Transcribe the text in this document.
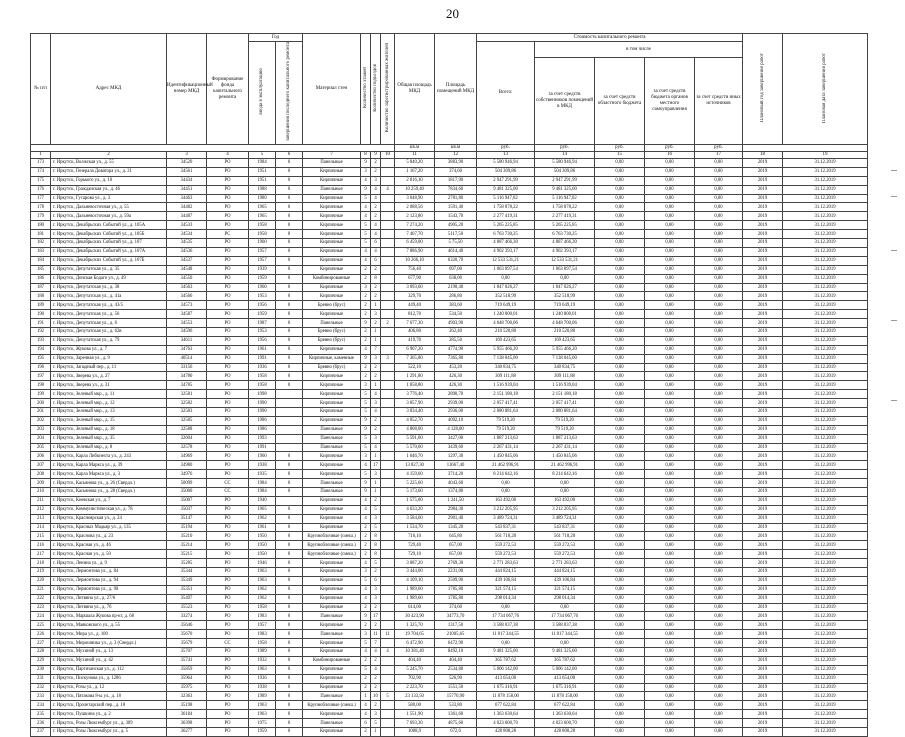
20
№ п/п	Адрес МКД	Идентификационный номер МКД	Формирование фонда капитального ремонта	Год		Материал стен	Количество этажей	Количество подъездов	Количество зарегистрированных жителей	Общая площадь МКД	Площадь помещений МКД	Стоимость капитального ремонта					Плановый год завершения работ	Плановая дата завершения работ
				ввода в эксплуатацию	завершения последнего капитального ремонта							Всего:	в том числе					
													за счет средств собственников помещений в МКД	за счет средств областного бюджета	за счет средств бюджета органов местного самоуправления	за счет средств иных источников		
										кв.м	кв.м	руб.	руб.	руб.	руб.	руб.		
1	2	3	4	5	6	7	8	9	10	11	12	13	14	15	16	17	18	19
173	г. Иркутск, Волжская ул., д. 55	34520	РО	1984	0	Панельные	9	2		5 840,20	3883,90	5 580 946,94	5 580 946,94	0,00	0,00	0,00	2019	31.12.2019
174	г. Иркутск, Генерала Доватора ул., д. 21	34561	РО	1951	0	Кирпичные	3	2		1 167,20	374,60	504 309,86	504 309,86	0,00	0,00	0,00	2019	31.12.2019
175	г. Иркутск, Горького ул., д. 10	34434	РО	1951	0	Кирпичные	4	3		2 016,10	1817,90	2 947 291,99	2 947 291,99	0,00	0,00	0,00	2019	31.12.2019
176	г. Иркутск, Гражданская ул., д. 46	34451	РО	1988	0	Панельные	9	4	4	10 259,40	7834,60	9 481 325,00	9 481 325,00	0,00	0,00	0,00	2019	31.12.2019
177	г. Иркутск, Гусарова ул., д. 3	34463	РО	1980	0	Кирпичные	5	4		3 048,90	2781,80	5 116 947,02	5 116 947,02	0,00	0,00	0,00	2019	31.12.2019
178	г. Иркутск, Дальневосточная ул., д. 55	34482	РО	1965	0	Кирпичные	4	2		2 088,56	1591,40	1 758 878,22	1 758 878,22	0,00	0,00	0,00	2019	31.12.2019
179	г. Иркутск, Дальневосточная ул., д. 59а	34487	РО	1965	0	Кирпичные	4	2		2 123,80	1543,70	2 277 419,31	2 277 419,31	0,00	0,00	0,00	2019	31.12.2019
180	г. Иркутск, Декабрьских Событий ул., д. 105А	34533	РО	1958	0	Кирпичные	5	4		7 274,20	4905,20	5 265 225,85	5 265 225,85	0,00	0,00	0,00	2019	31.12.2019
181	г. Иркутск, Декабрьских Событий ул., д. 105Б	34534	РС	1958	0	Кирпичные	5	4		7 407,70	5117,50	6 763 730,25	6 763 730,25	0,00	0,00	0,00	2019	31.12.2019
182	г. Иркутск, Декабрьских Событий ул., д. 107	34535	РО	1960	0	Кирпичные	5	6		6 459,00	5 75,50	4 887 466,30	4 887 466,30	0,00	0,00	0,00	2019	31.12.2019
183	г. Иркутск, Декабрьских Событий ул., д. 107А	34536	РО	1957	0	Кирпичные	4	4		7 886,90	4614,40	4 902 393,17	4 902 393,17	0,00	0,00	0,00	2019	31.12.2019
184	г. Иркутск, Декабрьских Событий ул., д. 107Б	34537	РО	1957	0	Кирпичные	4	6		10 266,10	6320,70	12 533 531,21	12 533 531,21	0,00	0,00	0,00	2019	31.12.2019
185	г. Иркутск, Депутатская ул., д. 35	34548	РО	1939	0	Кирпичные	2	2		756,40	697,00	1 063 097,54	1 063 097,54	0,00	0,00	0,00	2019	31.12.2019
186	г. Иркутск, Донская Бодаго ул., д. 49	34550	РО	1959	0	Комбинированные	2	8		677,90	638,00	0,00	0,00	0,00	0,00	0,00	2019	31.12.2019
187	г. Иркутск, Депутатская ул., д. 38	34563	РО	1960	0	Кирпичные	3	2		3 093,60	2190,40	1 847 026,27	1 847 026,27	0,00	0,00	0,00	2019	31.12.2019
188	г. Иркутск, Депутатская ул., д. 41а	34566	РО	1953	0	Кирпичные	2	2		329,70	286,80	352 518,99	352 518,99	0,00	0,00	0,00	2019	31.12.2019
189	г. Иркутск, Депутатская ул., д. 43/5	34573	РО	1956	0	Бревно (брус)	2	1		449,40	383,60	719 649,19	719 649,19	0,00	0,00	0,00	2019	31.12.2019
190	г. Иркутск, Депутатская ул., д. 56	34587	РО	1959	0	Кирпичные	2	3		812,70	534,50	1 240 800,01	1 240 800,01	0,00	0,00	0,00	2019	31.12.2019
191	г. Иркутск, Депутатская ул., д. 6	34553	РО	1987	0	Панельные	9	2	2	7 677,30	4903,90	4 648 700,06	4 648 700,06	0,00	0,00	0,00	2019	31.12.2019
192	г. Иркутск, Депутатская ул., д. 62в	34596	РО	1953	0	Бревно (брус)	2	1		406,80	262,40	210 520,80	210 520,80	0,00	0,00	0,00	2019	31.12.2019
193	г. Иркутск, Депутатская ул., д. 79	34611	РО	1956	0	Бревно (брус)	2	1		419,70	285,50	169 423,65	169 423,65	0,00	0,00	0,00	2019	31.12.2019
194	г. Иркутск, Жукова ул., д. 7	34763	РО	1961	0	Кирпичные	4	7		6 907,20	4774,90	5 955 466,20	5 955 466,20	0,00	0,00	0,00	2019	31.12.2019
195	г. Иркутск, Заречная ул., д. 9	40514	РО	1991	0	Кирпичные, каменные	9	3	3	7 365,80	7365,80	7 138 045,00	7 138 045,00	0,00	0,00	0,00	2019	31.12.2019
196	г. Иркутск, Западный пер., д. 11	33156	РО	1936	0	Бревно (брус)	2	2		522,10	453,20	340 834,75	340 834,75	0,00	0,00	0,00	2019	31.12.2019
197	г. Иркутск, Зверева ул., д. 27	34780	РО	1958	0	Кирпичные	2	2		1 291,80	426,30	309 111,88	309 111,88	0,00	0,00	0,00	2019	31.12.2019
198	г. Иркутск, Зверева ул., д. 31	34785	РО	1958	0	Кирпичные	3	1		1 858,80	426,30	1 516 939,04	1 516 939,04	0,00	0,00	0,00	2019	31.12.2019
199	г. Иркутск, Зеленый мкр., д. 11	32581	РО	1998		Кирпичные	5	4		3 776,40	2890,70	2 151 180,18	2 151 180,18	0,00	0,00	0,00	2019	31.12.2019
200	г. Иркутск, Зеленый мкр., д. 12	32582	РО	1990		Кирпичные	5	3		3 857,90	2939,00	2 057 417,41	2 057 417,41	0,00	0,00	0,00	2019	31.12.2019
201	г. Иркутск, Зеленый мкр., д. 13	32583	РО	1990		Кирпичные	5	4		3 834,40	2936,00	2 080 881,64	2 080 881,64	0,00	0,00	0,00	2019	31.12.2019
202	г. Иркутск, Зеленый мкр., д. 15	32585	РО	1986		Кирпичные	9	2		4 052,70	4092,10	79 519,20	79 519,20	0,00	0,00	0,00	2019	31.12.2019
203	г. Иркутск, Зеленый мкр., д. 18	32588	РО	1986		Панельные	9	2		4 808,00	4 128,00	79 519,20	79 519,20	0,00	0,00	0,00	2019	31.12.2019
204	г. Иркутск, Зеленый мкр., д. 35	32604	РО	1993		Панельные	5	3		5 591,00	3427,00	1 887 213,63	1 887 213,63	0,00	0,00	0,00	2019	31.12.2019
205	г. Иркутск, Зеленый мкр., д. 8	32578	РО	1991		Панельные	5	4		5 570,60	3439,60	2 267 431,14	2 267 431,14	0,00	0,00	0,00	2019	31.12.2019
206	г. Иркутск, Карла Либкнехта ул., д. 243	34969	РО	1960	0	Кирпичные	3	1		1 646,70	1297,30	1 450 845,06	1 450 845,06	0,00	0,00	0,00	2019	31.12.2019
207	г. Иркутск, Карла Маркса ул., д. 39	34980	РО	1938	0	Кирпичные	4	17		13 827,30	13667,40	21 462 996,91	21 462 996,91	0,00	0,00	0,00	2019	31.12.2019
208	г. Иркутск, Карла Маркса ул., д. 3	34976	РО	1935	0	Кирпичные	5	3		4 159,60	3714,20	8 214 642,16	8 214 642,16	0,00	0,00	0,00	2019	31.12.2019
209	г. Иркутск, Касьянова ул., д. 26 (Свердл.)	50099	СС	1984	0	Панельные	9	1		5 225,60	4043,60	0,00	0,00	0,00	0,00	0,00	2019	31.12.2019
210	г. Иркутск, Касьянова ул., д. 28 (Свердл.)	35000	СС	1984	0	Панельные	9	1		5 173,60	1374,80	0,00	0,00	0,00	0,00	0,00	2019	31.12.2019
211	г. Иркутск, Киевская ул., д. 7	35007	РО	1940		Кирпичные	4	2		1 575,00	1 241,50	163 492,00	163 492,00	0,00	0,00	0,00	2019	31.12.2019
212	г. Иркутск, Коммунистическая ул., д. 78	35037	РО	1965	0	Кирпичные	4	5		4 633,20	2984,30	3 212 205,95	3 212 205,95	0,00	0,00	0,00	2019	31.12.2019
213	г. Иркутск, Красноярская ул., д. 24	35147	РО	1962	0	Кирпичные	4	3		3 584,60	2901,40	3 489 724,31	3 489 724,31	0,00	0,00	0,00	2019	31.12.2019
214	г. Иркутск, Красных Мадьяр ул., д. 135	35194	РО	1961	0	Кирпичные	2	5		1 534,70	1345,20	543 837,31	543 837,31	0,00	0,00	0,00	2019	31.12.2019
215	г. Иркутск, Краснова ул., д. 23	35210	РО	1950	0	Крупноблочные (смеш.)	2	8		716,10	645,80	561 718,20	561 718,20	0,00	0,00	0,00	2019	31.12.2019
216	г. Иркутск, Красная ул., д. 46	35214	РО	1950	0	Крупноблочные (смеш.)	2	8		729,40	657,00	559 272,53	559 272,53	0,00	0,00	0,00	2019	31.12.2019
217	г. Иркутск, Красная ул., д. 50	35215	РО	1950	0	Крупноблочные (смеш.)	2	8		729,10	657,00	559 272,53	559 272,53	0,00	0,00	0,00	2019	31.12.2019
218	г. Иркутск, Ленина ул., д. 9	35285	РО	1946	0	Кирпичные	4	5		3 087,20	2769,30	2 771 283,63	2 771 283,63	0,00	0,00	0,00	2019	31.12.2019
219	г. Иркутск, Лермонтова ул., д. 84	35344	РО	1963	0	Кирпичные	3	2		3 444,00	2231,00	444 824,15	444 824,15	0,00	0,00	0,00	2019	31.12.2019
220	г. Иркутск, Лермонтова ул., д. 94	35349	РО	1963	0	Кирпичные	5	6		4 109,10	2509,90	439 106,84	439 106,84	0,00	0,00	0,00	2019	31.12.2019
221	г. Иркутск, Лермонтова ул., д. 98	35351	РО	1962	0	Кирпичные	4	3		1 989,60	1785,80	321 574,15	321 574,15	0,00	0,00	0,00	2019	31.12.2019
222	г. Иркутск, Литвина ул., д. 27/6	35497	РО	1962	0	Кирпичные	4	3		1 989,60	1785,80	298 014,34	298 014,34	0,00	0,00	0,00	2019	31.12.2019
223	г. Иркутск, Литвина ул., д. 76	35523	РО	1958	0	Кирпичные	2	2		614,00	374,60	0,00	0,00	0,00	0,00	0,00	2019	31.12.2019
224	г. Иркутск, Маршала Жукова пр-кт, д. 68	33274	РО	1983	0	Панельные	9	17		30 423,90	34773,70	17 734 067,76	17 734 067,76	0,00	0,00	0,00	2019	31.12.2019
225	г. Иркутск, Маяковского ул., д. 55	35646	РО	1957	0	Кирпичные	2	2		1 325,70	1317,50	3 588 037,38	3 588 037,38	0,00	0,00	0,00	2019	31.12.2019
226	г. Иркутск, Мира ул., д. 100	35670	РО	1983	0	Панельные	3	11	11	19 704,65	21005,65	11 017 344,55	11 017 344,55	0,00	0,00	0,00	2019	31.12.2019
227	г. Иркутск, Мирошника ул., д. 3 (Свердл.)	35679	СС	1958	0	Кирпичные	5	7		6 472,90	6472,90	0,00	0,00	0,00	0,00	0,00	2019	31.12.2019
228	г. Иркутск, Мухиной ул., д. 13	35707	РО	1989	0	Кирпичные	4	4	4	10 381,40	8492,10	9 481 325,00	9 481 325,00	0,00	0,00	0,00	2019	31.12.2019
229	г. Иркутск, Мухиной ул., д. 42	35741	РО	1932	0	Комбинированные	2	2		404,40	404,40	365 787,62	365 787,62	0,00	0,00	0,00	2019	31.12.2019
230	г. Иркутск, Партизанская ул., д. 112	35859	РО	1963	0	Кирпичные	5	4		5 245,70	2534,80	5 006 142,00	5 006 142,00	0,00	0,00	0,00	2019	31.12.2019
231	г. Иркутск, Пискунова ул., д. 1286	35964	РО	1936	0	Кирпичные	2	2		702,90	526,90	413 654,00	413 654,00	0,00	0,00	0,00	2019	31.12.2019
232	г. Иркутск, Розы ул., д. 12	35975	РО	1938	0	Кирпичные	2	2		2 223,70	1551,50	1 675 316,91	1 675 316,91	0,00	0,00	0,00	2019	31.12.2019
233	г. Иркутск, Пятакова 8-ы ул., д. 18	32363	РО	1989	0	Панельные	1	10	5	23 133,50	15770,90	11 878 158,00	11 878 158,00	0,00	0,00	0,00	2019	31.12.2019
234	г. Иркутск, Пролетарский пер., д. 18	35198	РО	1963	0	Крупноблочные (смеш.)	4	2		580,00	533,80	677 622,84	677 622,84	0,00	0,00	0,00	2019	31.12.2019
235	г. Иркутск, Пушкина ул., д. 2	36184	РО	1963	0	Кирпичные	4	3		1 551,90	1361,60	1 363 630,64	1 363 630,64	0,00	0,00	0,00	2019	31.12.2019
236	г. Иркутск, Розы Люксембург ул., д. 309	36398	РО	1975	0	Панельные	6	5		7 693,30	4875,60	4 023 600,70	4 023 600,70	0,00	0,00	0,00	2019	31.12.2019
237	г. Иркутск, Розы Люксембург ул., д. 5	36277	РО	1959	0	Кирпичные	2	1		1008,9	672,6	428 808,28	428 808,28	0,00	0,00	0,00	2019	31.12.2019
